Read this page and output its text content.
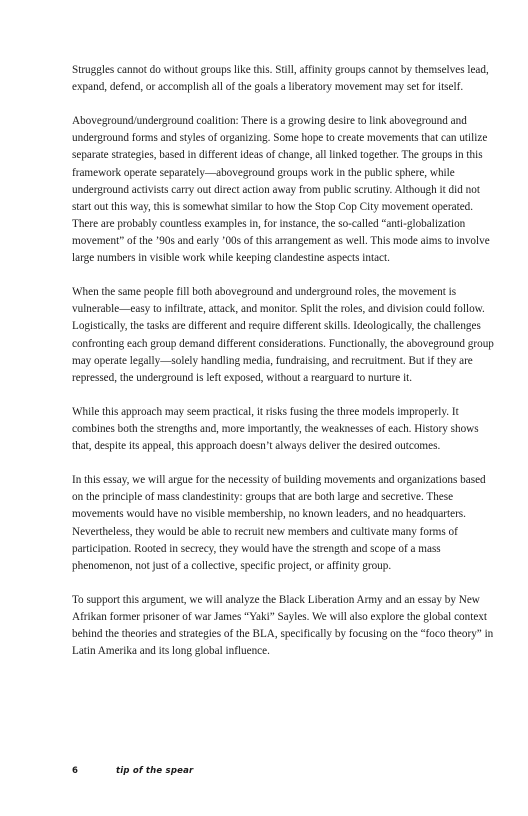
Struggles cannot do without groups like this. Still, affinity groups cannot by themselves lead, expand, defend, or accomplish all of the goals a liberatory movement may set for itself.

Aboveground/underground coalition: There is a growing desire to link aboveground and underground forms and styles of organizing. Some hope to create movements that can utilize separate strategies, based in different ideas of change, all linked together. The groups in this framework operate separately—aboveground groups work in the public sphere, while underground activists carry out direct action away from public scrutiny. Although it did not start out this way, this is somewhat similar to how the Stop Cop City movement operated. There are probably countless examples in, for instance, the so-called “anti-globalization movement” of the ’90s and early ’00s of this arrangement as well. This mode aims to involve large numbers in visible work while keeping clandestine aspects intact.

When the same people fill both aboveground and underground roles, the movement is vulnerable—easy to infiltrate, attack, and monitor. Split the roles, and division could follow. Logistically, the tasks are different and require different skills. Ideologically, the challenges confronting each group demand different considerations. Functionally, the aboveground group may operate legally—solely handling media, fundraising, and recruitment. But if they are repressed, the underground is left exposed, without a rearguard to nurture it.

While this approach may seem practical, it risks fusing the three models improperly. It combines both the strengths and, more importantly, the weaknesses of each. History shows that, despite its appeal, this approach doesn’t always deliver the desired outcomes.

In this essay, we will argue for the necessity of building movements and organizations based on the principle of mass clandestinity: groups that are both large and secretive. These movements would have no visible membership, no known leaders, and no headquarters. Nevertheless, they would be able to recruit new members and cultivate many forms of participation. Rooted in secrecy, they would have the strength and scope of a mass phenomenon, not just of a collective, specific project, or affinity group.

To support this argument, we will analyze the Black Liberation Army and an essay by New Afrikan former prisoner of war James “Yaki” Sayles. We will also explore the global context behind the theories and strategies of the BLA, specifically by focusing on the “foco theory” in Latin Amerika and its long global influence.

6	tip of the spear
